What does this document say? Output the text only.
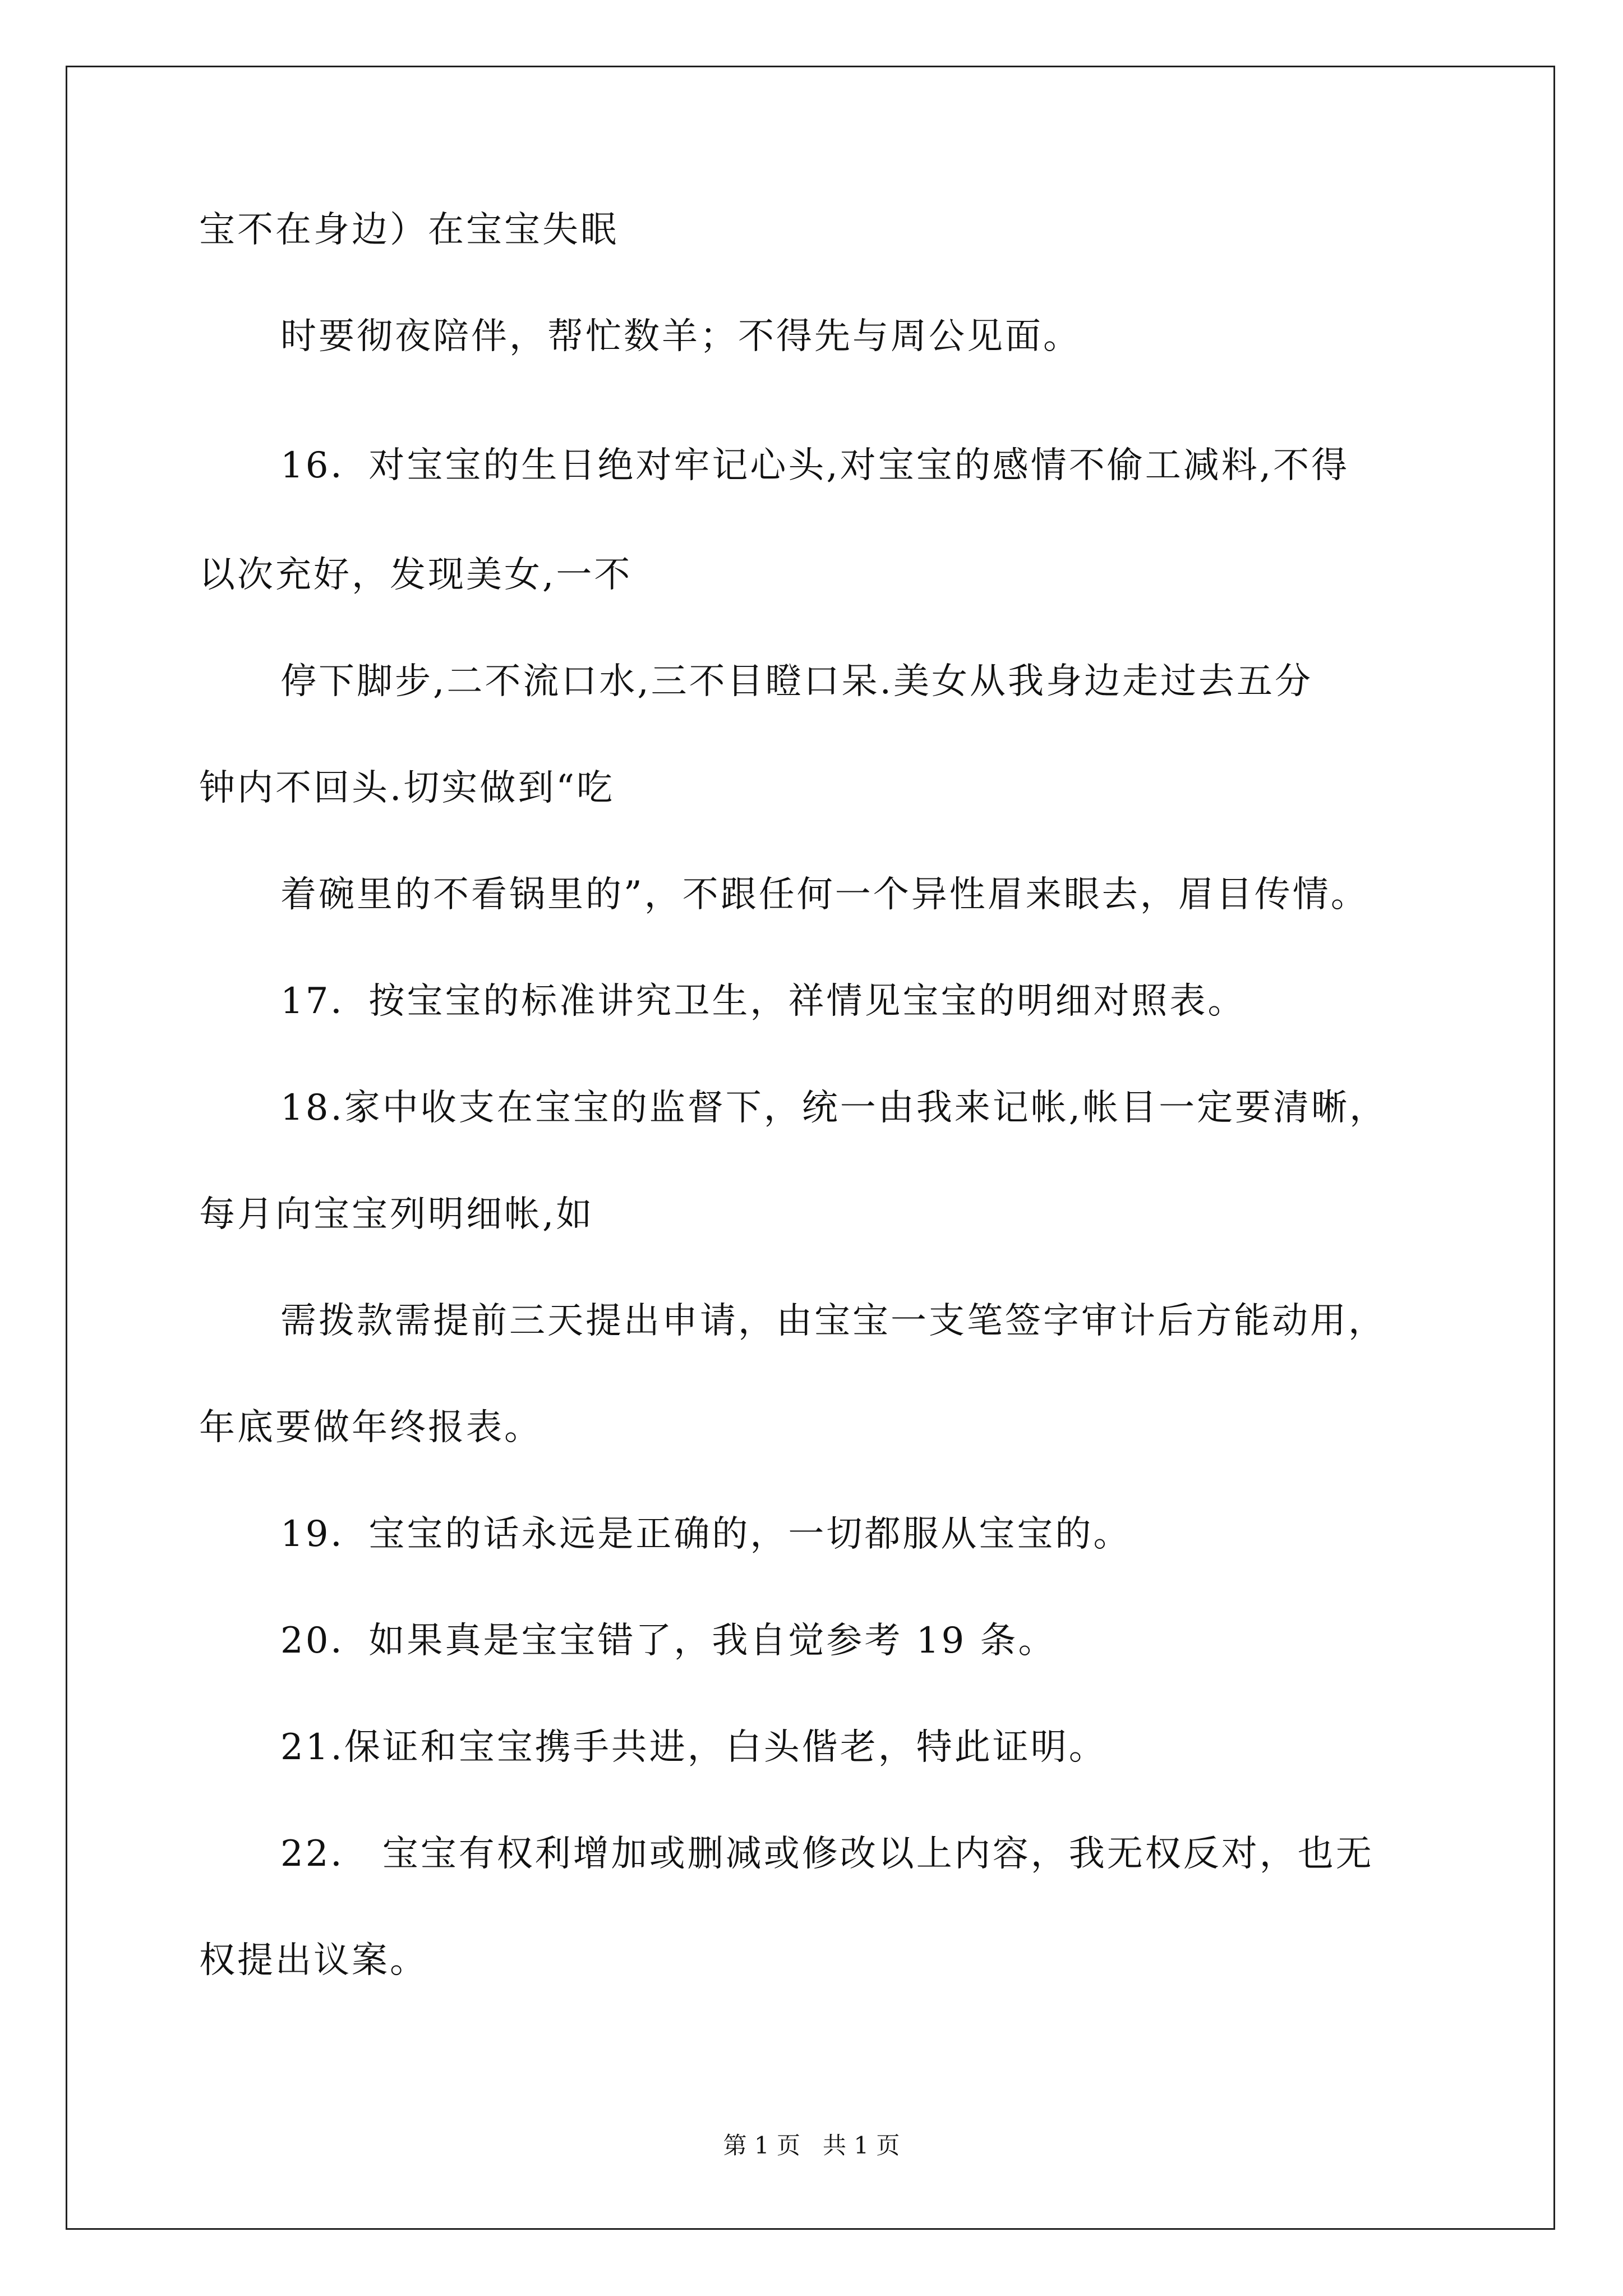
宝不在身边）在宝宝失眠
时要彻夜陪伴，帮忙数羊；不得先与周公见面。
16．对宝宝的生日绝对牢记心头,对宝宝的感情不偷工减料,不得
以次充好，发现美女,一不
停下脚步,二不流口水,三不目瞪口呆.美女从我身边走过去五分
钟内不回头.切实做到“吃
着碗里的不看锅里的”，不跟任何一个异性眉来眼去，眉目传情。
17．按宝宝的标准讲究卫生，祥情见宝宝的明细对照表。
18.家中收支在宝宝的监督下，统一由我来记帐,帐目一定要清晰，
每月向宝宝列明细帐,如
需拨款需提前三天提出申请，由宝宝一支笔签字审计后方能动用，
年底要做年终报表。
19．宝宝的话永远是正确的，一切都服从宝宝的。
20．如果真是宝宝错了，我自觉参考 19 条。
21.保证和宝宝携手共进，白头偕老，特此证明。
22． 宝宝有权利增加或删减或修改以上内容，我无权反对，也无
权提出议案。
第 1 页 共 1 页
